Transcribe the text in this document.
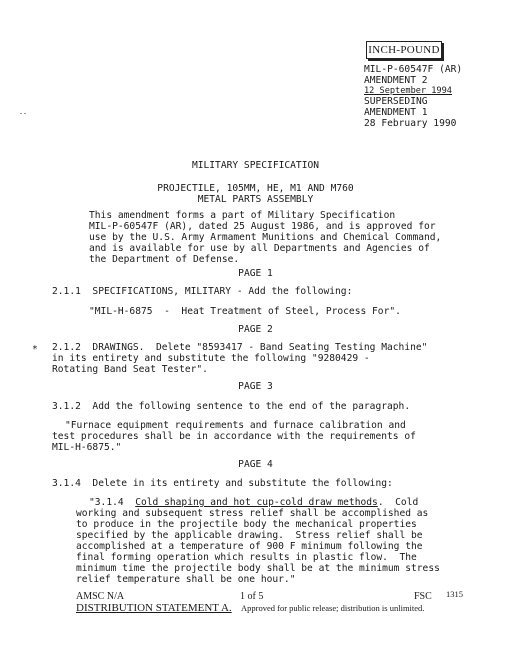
INCH-POUND
MIL-P-60547F (AR)
AMENDMENT 2
12 September 1994
SUPERSEDING
AMENDMENT 1
28 February 1990
MILITARY SPECIFICATION
PROJECTILE, 105MM, HE, M1 AND M760
METAL PARTS ASSEMBLY
This amendment forms a part of Military Specification
MIL-P-60547F (AR), dated 25 August 1986, and is approved for
use by the U.S. Army Armament Munitions and Chemical Command,
and is available for use by all Departments and Agencies of
the Department of Defense.
PAGE 1
2.1.1  SPECIFICATIONS, MILITARY - Add the following:
"MIL-H-6875  -  Heat Treatment of Steel, Process For".
PAGE 2
* 2.1.2  DRAWINGS.  Delete "8593417 - Band Seating Testing Machine"
in its entirety and substitute the following "9280429 -
Rotating Band Seat Tester".
PAGE 3
3.1.2  Add the following sentence to the end of the paragraph.
"Furnace equipment requirements and furnace calibration and
test procedures shall be in accordance with the requirements of
MIL-H-6875."
PAGE 4
3.1.4  Delete in its entirety and substitute the following:
"3.1.4  Cold shaping and hot cup-cold draw methods.  Cold
working and subsequent stress relief shall be accomplished as
to produce in the projectile body the mechanical properties
specified by the applicable drawing.  Stress relief shall be
accomplished at a temperature of 900 F minimum following the
final forming operation which results in plastic flow.  The
minimum time the projectile body shall be at the minimum stress
relief temperature shall be one hour."
AMSC N/A	1 of 5	FSC 1315
DISTRIBUTION STATEMENT A. Approved for public release; distribution is unlimited.
